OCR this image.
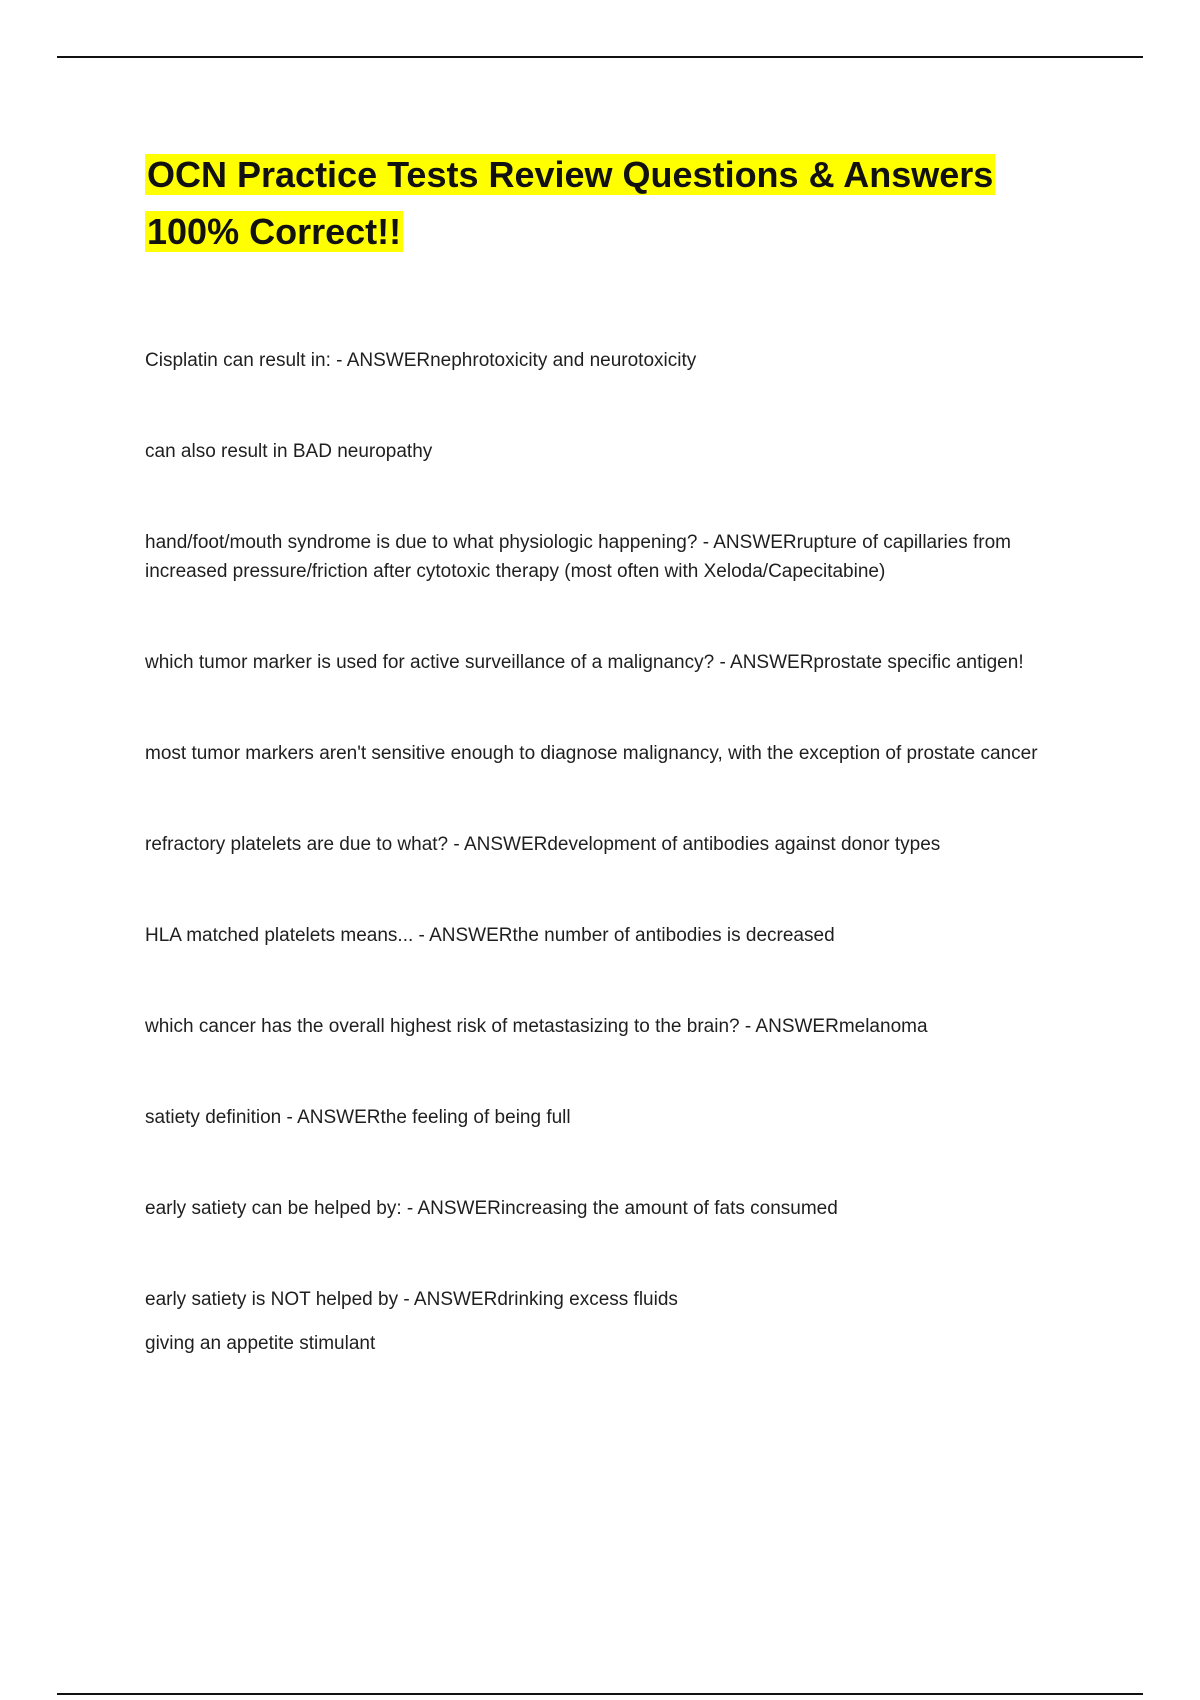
OCN Practice Tests Review Questions & Answers 100% Correct!!

Cisplatin can result in: - ANSWERnephrotoxicity and neurotoxicity

can also result in BAD neuropathy

hand/foot/mouth syndrome is due to what physiologic happening? - ANSWERrupture of capillaries from increased pressure/friction after cytotoxic therapy (most often with Xeloda/Capecitabine)

which tumor marker is used for active surveillance of a malignancy? - ANSWERprostate specific antigen!

most tumor markers aren't sensitive enough to diagnose malignancy, with the exception of prostate cancer

refractory platelets are due to what? - ANSWERdevelopment of antibodies against donor types

HLA matched platelets means... - ANSWERthe number of antibodies is decreased

which cancer has the overall highest risk of metastasizing to the brain? - ANSWERmelanoma

satiety definition - ANSWERthe feeling of being full

early satiety can be helped by: - ANSWERincreasing the amount of fats consumed

early satiety is NOT helped by - ANSWERdrinking excess fluids

giving an appetite stimulant
